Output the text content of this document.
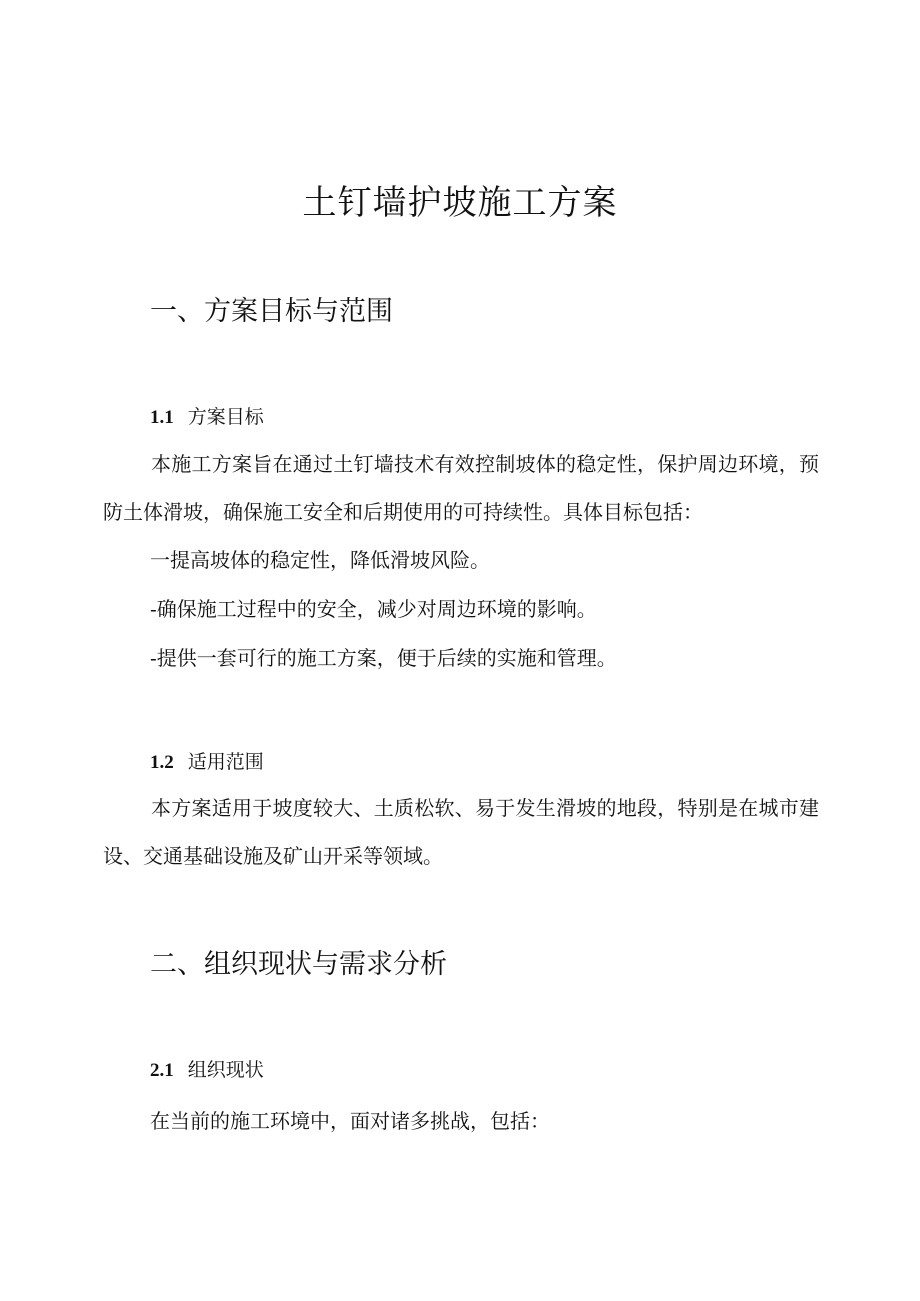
土钉墙护坡施工方案
一、方案目标与范围
1.1 方案目标

本施工方案旨在通过土钉墙技术有效控制坡体的稳定性，保护周边环境，预防土体滑坡，确保施工安全和后期使用的可持续性。具体目标包括：

一提高坡体的稳定性，降低滑坡风险。

-确保施工过程中的安全，减少对周边环境的影响。

-提供一套可行的施工方案，便于后续的实施和管理。

1.2 适用范围

本方案适用于坡度较大、土质松软、易于发生滑坡的地段，特别是在城市建设、交通基础设施及矿山开采等领域。

二、组织现状与需求分析
2.1 组织现状

在当前的施工环境中，面对诸多挑战，包括：
